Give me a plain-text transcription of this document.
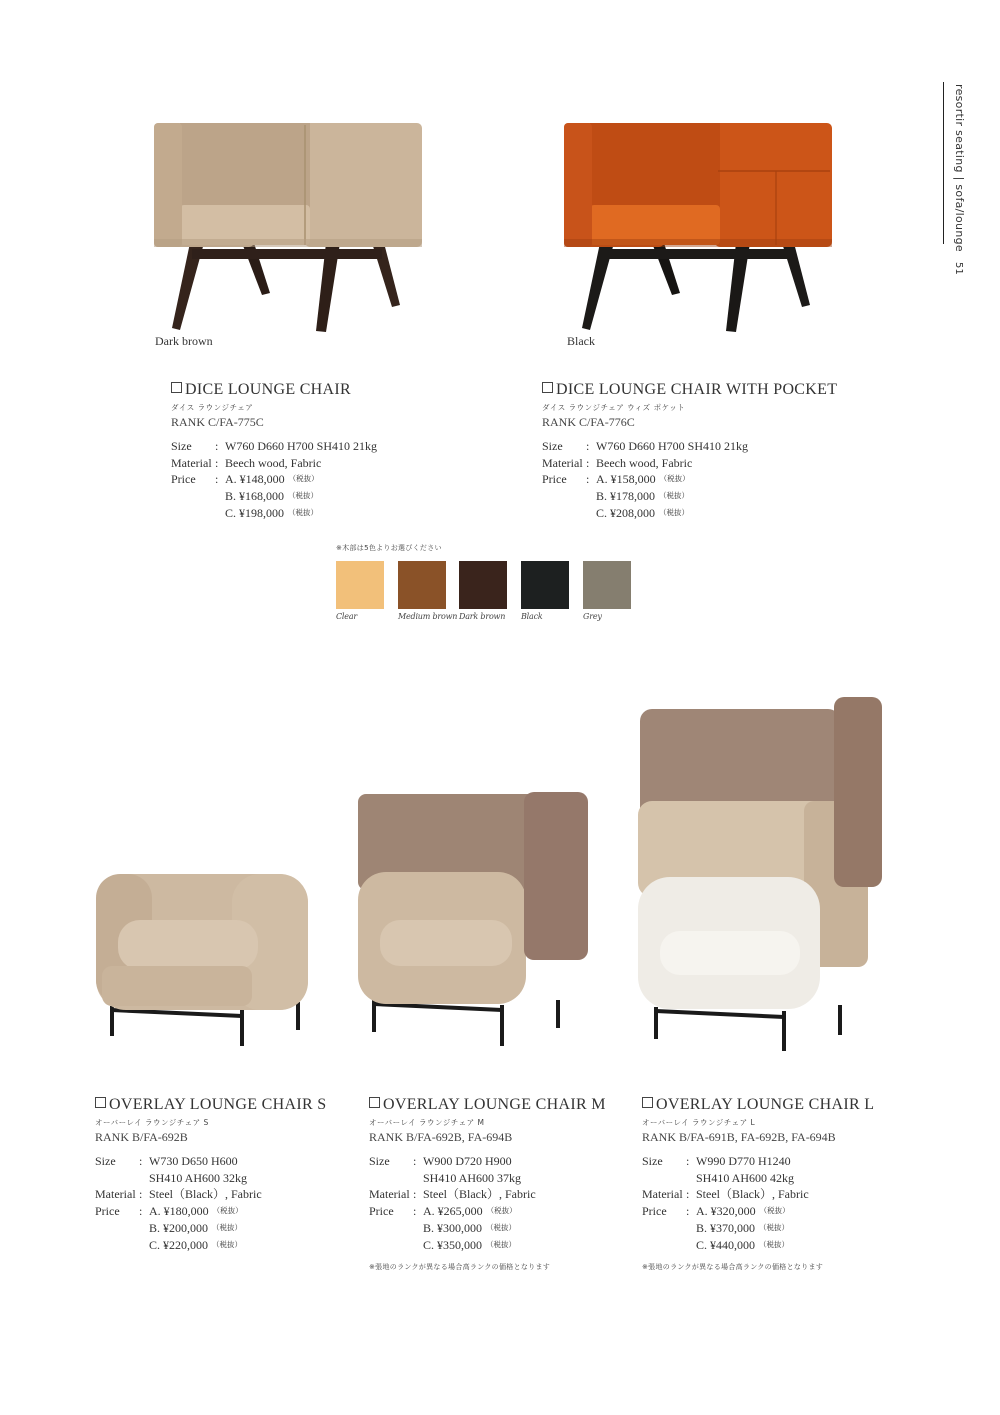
resortir seating | sofa/lounge
51
Dark brown	Black
DICE LOUNGE CHAIR
ダイス ラウンジチェア
RANK C/FA-775C
Size	: W760 D660 H700 SH410 21kg
Material : Beech wood, Fabric
Price	: A. ¥148,000 （税抜）
B. ¥168,000 （税抜）
C. ¥198,000 （税抜）
DICE LOUNGE CHAIR WITH POCKET
ダイス ラウンジチェア ウィズ ポケット
RANK C/FA-776C
Size	: W760 D660 H700 SH410 21kg
Material : Beech wood, Fabric
Price	: A. ¥158,000 （税抜）
B. ¥178,000 （税抜）
C. ¥208,000 （税抜）
※木部は5色よりお選びください
Clear	Medium brown Dark brown Black	Grey
OVERLAY LOUNGE CHAIR S
オーバーレイ ラウンジチェア S
RANK B/FA-692B
Size	: W730 D650 H600
SH410 AH600 32kg
Material : Steel（Black）, Fabric
Price	: A. ¥180,000 （税抜）
B. ¥200,000 （税抜）
C. ¥220,000 （税抜）
OVERLAY LOUNGE CHAIR M
オーバーレイ ラウンジチェア M
RANK B/FA-692B, FA-694B
Size	: W900 D720 H900
SH410 AH600 37kg
Material : Steel（Black）, Fabric
Price	: A. ¥265,000 （税抜）
B. ¥300,000 （税抜）
C. ¥350,000 （税抜）
※張地のランクが異なる場合高ランクの価格となります
OVERLAY LOUNGE CHAIR L
オーバーレイ ラウンジチェア L
RANK B/FA-691B, FA-692B, FA-694B
Size	: W990 D770 H1240
SH410 AH600 42kg
Material : Steel（Black）, Fabric
Price	: A. ¥320,000 （税抜）
B. ¥370,000 （税抜）
C. ¥440,000 （税抜）
※張地のランクが異なる場合高ランクの価格となります
